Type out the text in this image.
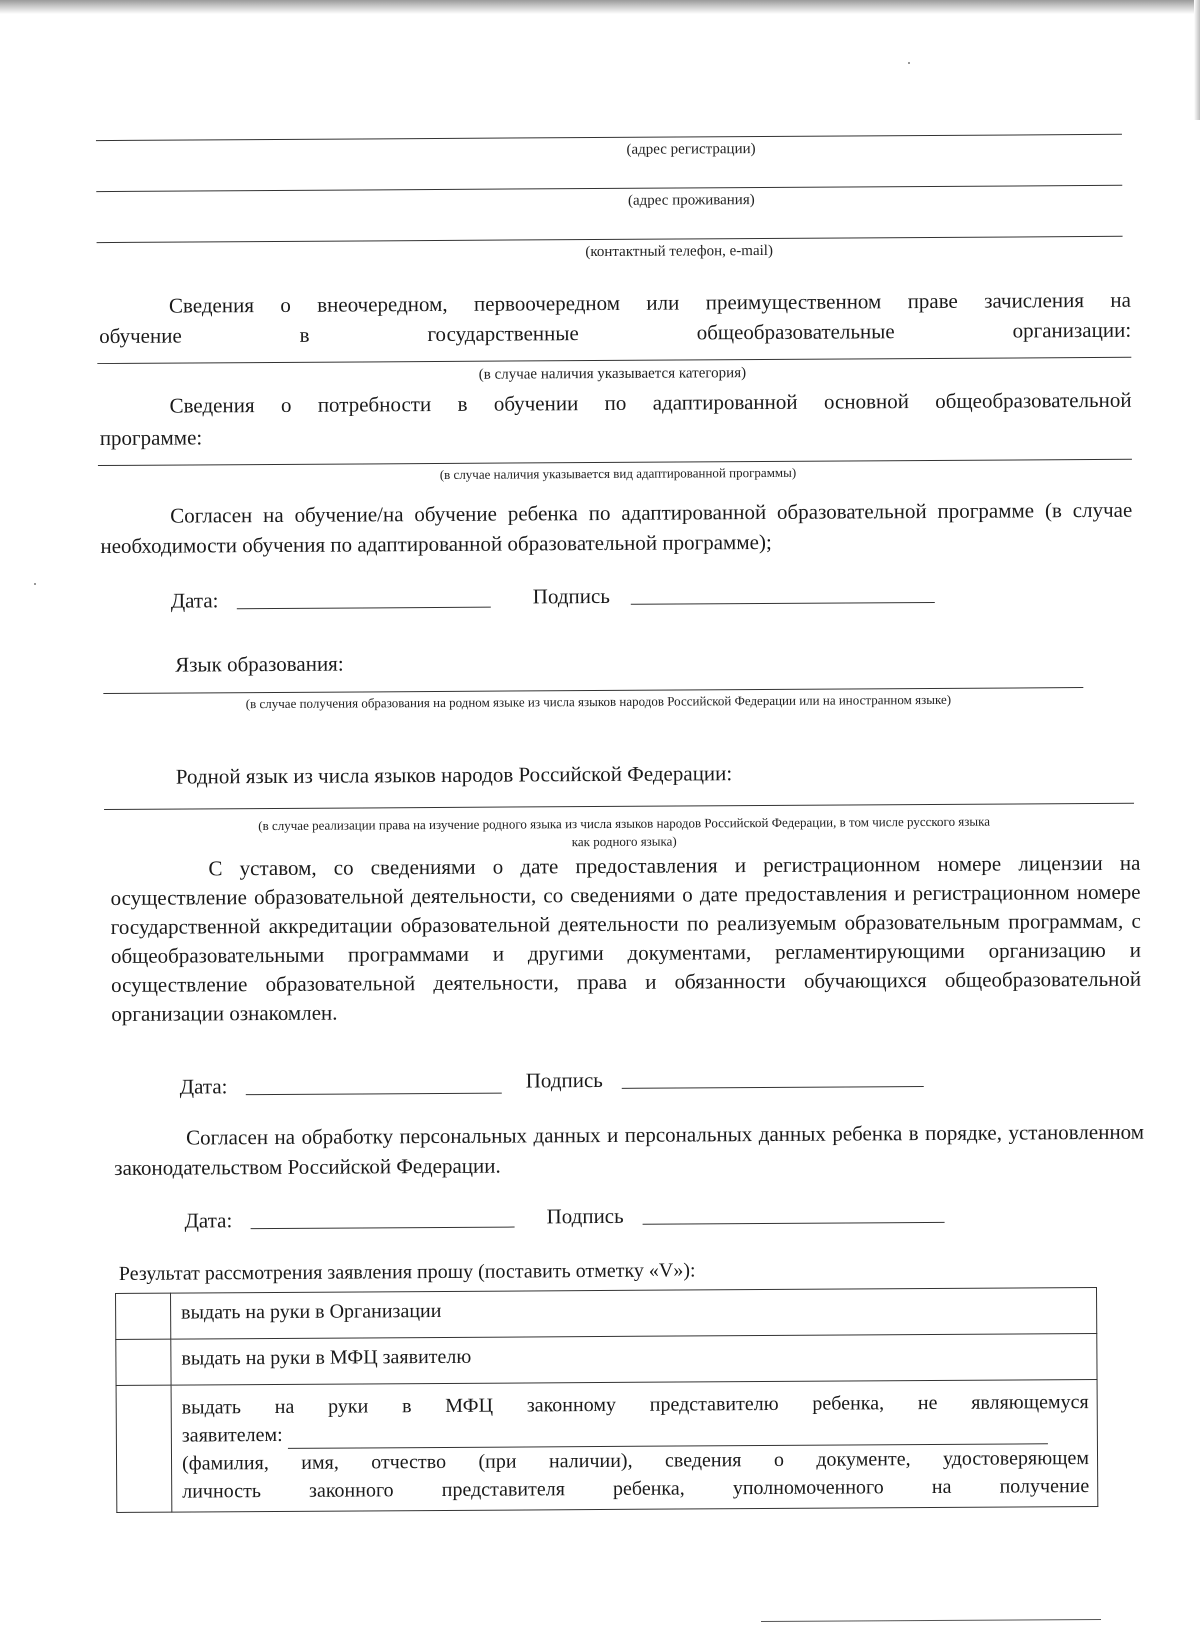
(адрес регистрации)
(адрес проживания)
(контактный телефон, e-mail)
Сведения о внеочередном, первоочередном или преимущественном праве зачисления на
обучение в государственные общеобразовательные организации:
(в случае наличия указывается категория)
Сведения о потребности в обучении по адаптированной основной общеобразовательной
программе:
(в случае наличия указывается вид адаптированной программы)
Согласен на обучение/на обучение ребенка по адаптированной образовательной программе (в случае необходимости обучения по адаптированной образовательной программе);
Дата:	Подпись
Язык образования:
(в случае получения образования на родном языке из числа языков народов Российской Федерации или на иностранном языке)
Родной язык из числа языков народов Российской Федерации:
(в случае реализации права на изучение родного языка из числа языков народов Российской Федерации, в том числе русского языка
как родного языка)
С уставом, со сведениями о дате предоставления и регистрационном номере лицензии на осуществление образовательной деятельности, со сведениями о дате предоставления и регистрационном номере государственной аккредитации образовательной деятельности по реализуемым образовательным программам, с общеобразовательными программами и другими документами, регламентирующими организацию и осуществление образовательной деятельности, права и обязанности обучающихся общеобразовательной организации ознакомлен.
Дата:	Подпись
Согласен на обработку персональных данных и персональных данных ребенка в порядке, установленном законодательством Российской Федерации.
Дата:	Подпись
Результат рассмотрения заявления прошу (поставить отметку «V»):
	выдать на руки в Организации
	выдать на руки в МФЦ заявителю

	выдать на руки в МФЦ законному представителю ребенка, не являющемуся
заявителем:
(фамилия, имя, отчество (при наличии), сведения о документе, удостоверяющем
личность законного представителя ребенка, уполномоченного на получение
